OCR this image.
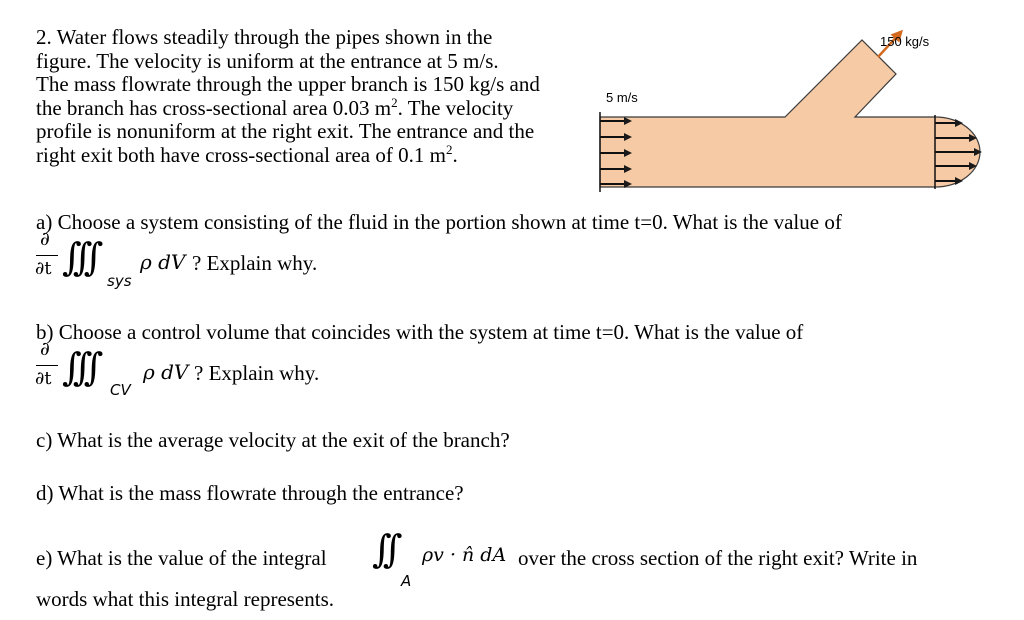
2. Water flows steadily through the pipes shown in the
figure. The velocity is uniform at the entrance at 5 m/s.
The mass flowrate through the upper branch is 150 kg/s and
the branch has cross-sectional area 0.03 $m^2$. The velocity
profile is nonuniform at the right exit. The entrance and the
right exit both have cross-sectional area of 0.1 $m^2$.
150 kg/s
5 m/s
a) Choose a system consisting of the fluid in the portion shown at time t=0. What is the value of
∂
∂t ∫∫∫
sys
ρ dV ? Explain why.
b) Choose a control volume that coincides with the system at time t=0. What is the value of
∂
∂t ∫∫∫
CV
ρ dV ? Explain why.
c) What is the average velocity at the exit of the branch?
d) What is the mass flowrate through the entrance?
e) What is the value of the integral ∫∫
A
ρv · n̂ dA over the cross section of the right exit? Write in
words what this integral represents.
